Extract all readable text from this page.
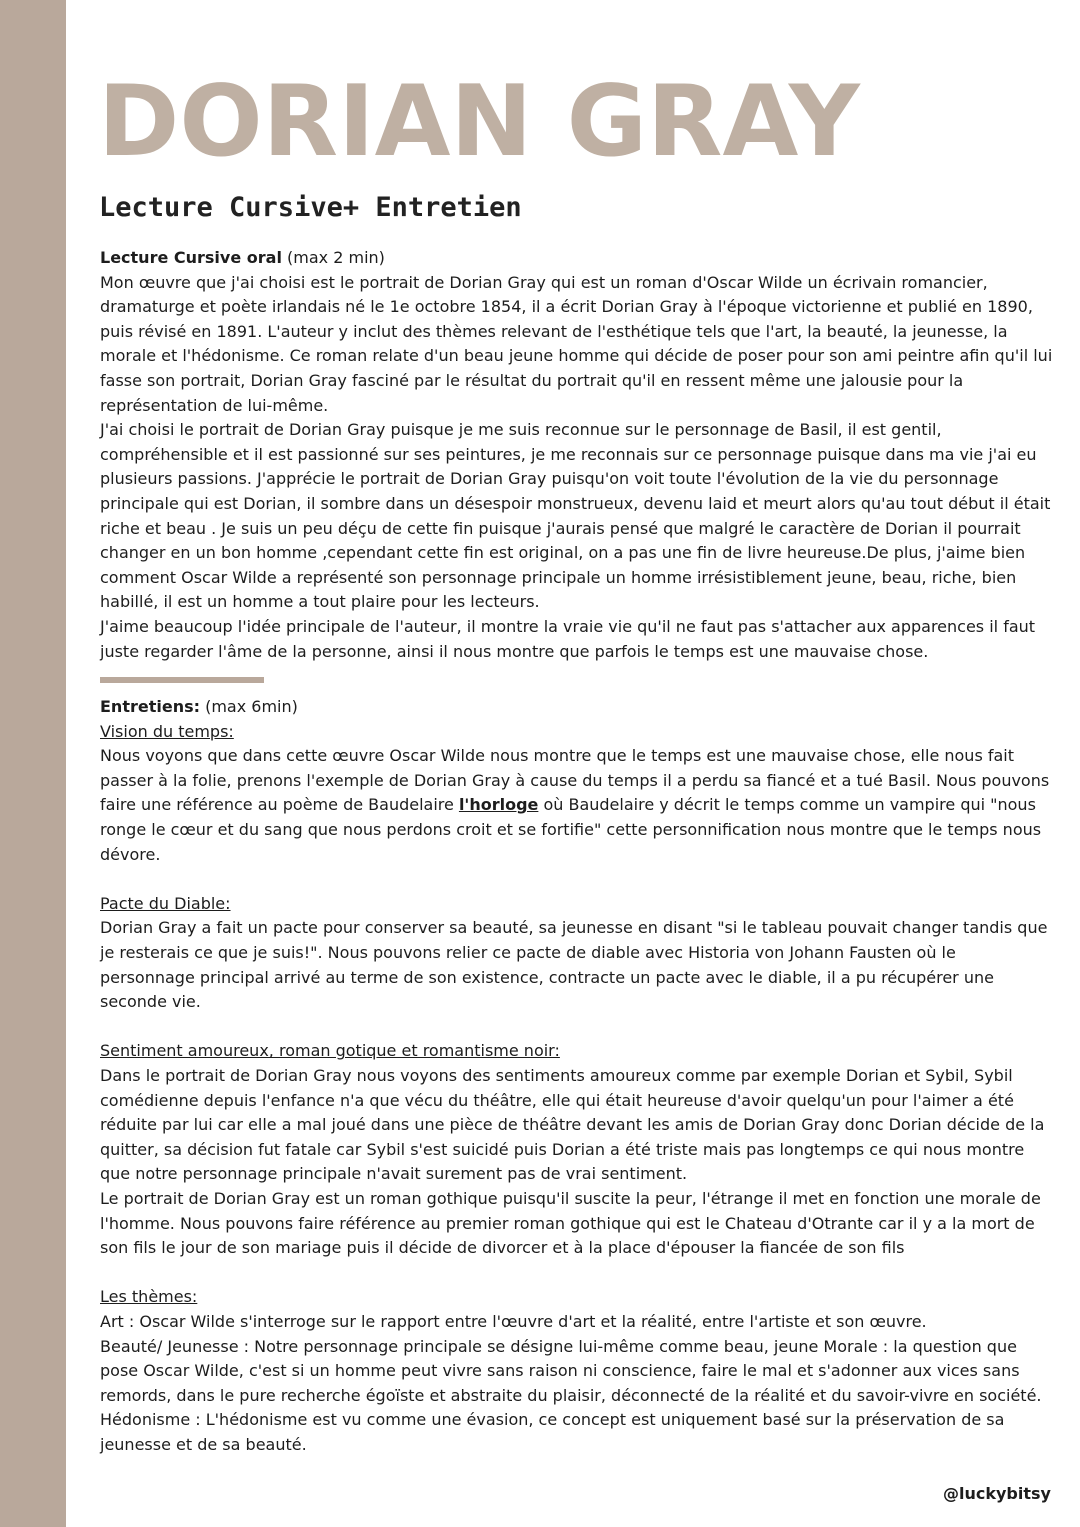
DORIAN GRAY
Lecture Cursive+ Entretien

Lecture Cursive oral (max 2 min)

Mon œuvre que j'ai choisi est le portrait de Dorian Gray qui est un roman d'Oscar Wilde un écrivain romancier, dramaturge et poète irlandais né le 1e octobre 1854, il a écrit Dorian Gray à l'époque victorienne et publié en 1890, puis révisé en 1891. L'auteur y inclut des thèmes relevant de l'esthétique tels que l'art, la beauté, la jeunesse, la morale et l'hédonisme. Ce roman relate d'un beau jeune homme qui décide de poser pour son ami peintre afin qu'il lui fasse son portrait, Dorian Gray fasciné par le résultat du portrait qu'il en ressent même une jalousie pour la représentation de lui-même.

J'ai choisi le portrait de Dorian Gray puisque je me suis reconnue sur le personnage de Basil, il est gentil, compréhensible et il est passionné sur ses peintures, je me reconnais sur ce personnage puisque dans ma vie j'ai eu plusieurs passions. J'apprécie le portrait de Dorian Gray puisqu'on voit toute l'évolution de la vie du personnage principale qui est Dorian, il sombre dans un désespoir monstrueux, devenu laid et meurt alors qu'au tout début il était riche et beau . Je suis un peu déçu de cette fin puisque j'aurais pensé que malgré le caractère de Dorian il pourrait changer en un bon homme ,cependant cette fin est original, on a pas une fin de livre heureuse.De plus, j'aime bien comment Oscar Wilde a représenté son personnage principale un homme irrésistiblement jeune, beau, riche, bien habillé, il est un homme a tout plaire pour les lecteurs.

J'aime beaucoup l'idée principale de l'auteur, il montre la vraie vie qu'il ne faut pas s'attacher aux apparences il faut juste regarder l'âme de la personne, ainsi il nous montre que parfois le temps est une mauvaise chose.

Entretiens: (max 6min)

Vision du temps:

Nous voyons que dans cette œuvre Oscar Wilde nous montre que le temps est une mauvaise chose, elle nous fait passer à la folie, prenons l'exemple de Dorian Gray à cause du temps il a perdu sa fiancé et a tué Basil. Nous pouvons faire une référence au poème de Baudelaire l'horloge où Baudelaire y décrit le temps comme un vampire qui "nous ronge le cœur et du sang que nous perdons croit et se fortifie" cette personnification nous montre que le temps nous dévore.

Pacte du Diable:

Dorian Gray a fait un pacte pour conserver sa beauté, sa jeunesse en disant "si le tableau pouvait changer tandis que je resterais ce que je suis!". Nous pouvons relier ce pacte de diable avec Historia von Johann Fausten où le personnage principal arrivé au terme de son existence, contracte un pacte avec le diable, il a pu récupérer une seconde vie.

Sentiment amoureux, roman gotique et romantisme noir:

Dans le portrait de Dorian Gray nous voyons des sentiments amoureux comme par exemple Dorian et Sybil, Sybil comédienne depuis l'enfance n'a que vécu du théâtre, elle qui était heureuse d'avoir quelqu'un pour l'aimer a été réduite par lui car elle a mal joué dans une pièce de théâtre devant les amis de Dorian Gray donc Dorian décide de la quitter, sa décision fut fatale car Sybil s'est suicidé puis Dorian a été triste mais pas longtemps ce qui nous montre que notre personnage principale n'avait surement pas de vrai sentiment.

Le portrait de Dorian Gray est un roman gothique puisqu'il suscite la peur, l'étrange il met en fonction une morale de l'homme. Nous pouvons faire référence au premier roman gothique qui est le Chateau d'Otrante car il y a la mort de son fils le jour de son mariage puis il décide de divorcer et à la place d'épouser la fiancée de son fils

Les thèmes:

Art : Oscar Wilde s'interroge sur le rapport entre l'œuvre d'art et la réalité, entre l'artiste et son œuvre.

Beauté/ Jeunesse : Notre personnage principale se désigne lui-même comme beau, jeune Morale : la question que pose Oscar Wilde, c'est si un homme peut vivre sans raison ni conscience, faire le mal et s'adonner aux vices sans remords, dans le pure recherche égoïste et abstraite du plaisir, déconnecté de la réalité et du savoir-vivre en société. Hédonisme : L'hédonisme est vu comme une évasion, ce concept est uniquement basé sur la préservation de sa jeunesse et de sa beauté.

@luckybitsy
